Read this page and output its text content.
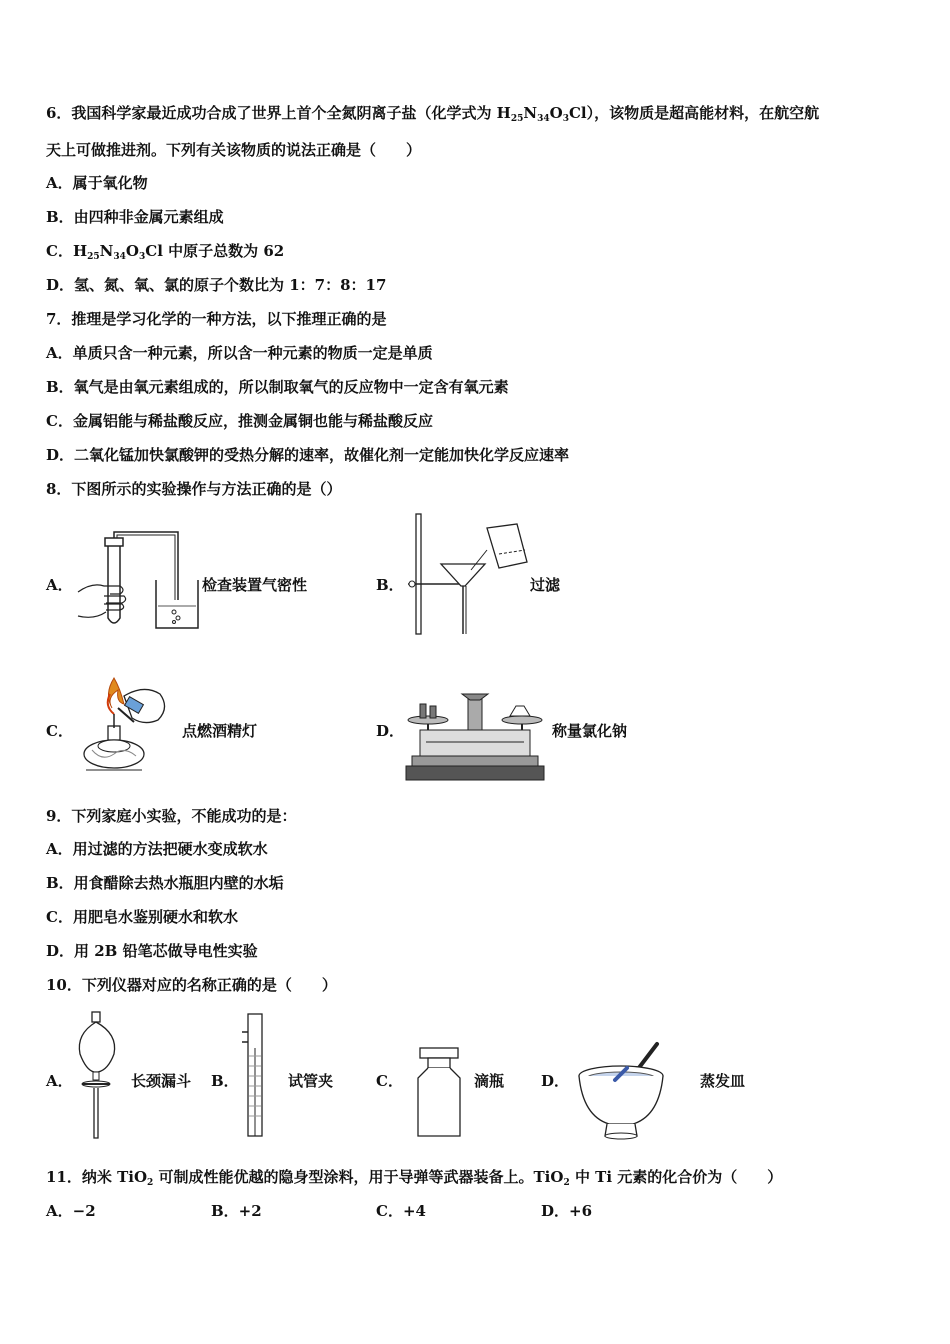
6．我国科学家最近成功合成了世界上首个全氮阴离子盐（化学式为 $H_{25}N_{34}O_3Cl$），该物质是超高能材料，在航空航
天上可做推进剂。下列有关该物质的说法正确是（　　）
A．属于氧化物
B．由四种非金属元素组成
C．$H_{25}N_{34}O_3Cl$ 中原子总数为 62
D．氢、氮、氧、氯的原子个数比为 1：7：8：17
7．推理是学习化学的一种方法，以下推理正确的是
A．单质只含一种元素，所以含一种元素的物质一定是单质
B．氧气是由氧元素组成的，所以制取氧气的反应物中一定含有氧元素
C．金属铝能与稀盐酸反应，推测金属铜也能与稀盐酸反应
D．二氧化锰加快氯酸钾的受热分解的速率，故催化剂一定能加快化学反应速率
8．下图所示的实验操作与方法正确的是（）
A．	检查装置气密性	B．	过滤
C．	点燃酒精灯	D．	称量氯化钠
9．下列家庭小实验，不能成功的是：
A．用过滤的方法把硬水变成软水
B．用食醋除去热水瓶胆内壁的水垢
C．用肥皂水鉴别硬水和软水
D．用 2B 铅笔芯做导电性实验
10．下列仪器对应的名称正确的是（　　）
A．	长颈漏斗 B．	试管夹	C．	滴瓶 D．	蒸发皿
11．纳米 TiO$_2$ 可制成性能优越的隐身型涂料，用于导弹等武器装备上。TiO$_2$ 中 Ti 元素的化合价为（　　）
A．−2	B．+2	C．+4	D．+6
